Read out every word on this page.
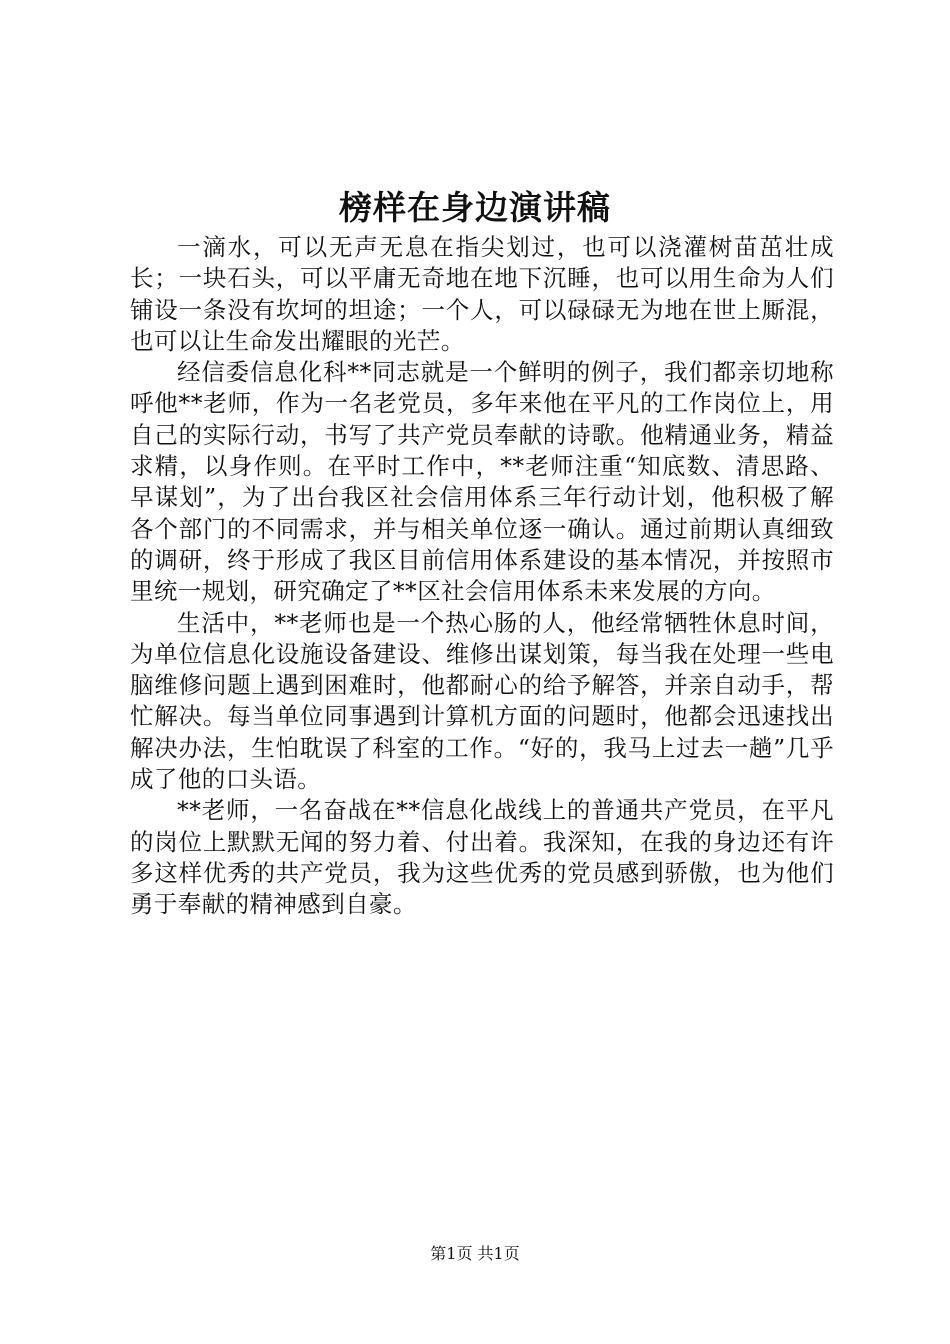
榜样在身边演讲稿

一滴水，可以无声无息在指尖划过，也可以浇灌树苗茁壮成长；一块石头，可以平庸无奇地在地下沉睡，也可以用生命为人们铺设一条没有坎坷的坦途；一个人，可以碌碌无为地在世上厮混，也可以让生命发出耀眼的光芒。

经信委信息化科**同志就是一个鲜明的例子，我们都亲切地称呼他**老师，作为一名老党员，多年来他在平凡的工作岗位上，用自己的实际行动，书写了共产党员奉献的诗歌。他精通业务，精益求精，以身作则。在平时工作中，**老师注重“知底数、清思路、早谋划”，为了出台我区社会信用体系三年行动计划，他积极了解各个部门的不同需求，并与相关单位逐一确认。通过前期认真细致的调研，终于形成了我区目前信用体系建设的基本情况，并按照市里统一规划，研究确定了**区社会信用体系未来发展的方向。

生活中，**老师也是一个热心肠的人，他经常牺牲休息时间，为单位信息化设施设备建设、维修出谋划策，每当我在处理一些电脑维修问题上遇到困难时，他都耐心的给予解答，并亲自动手，帮忙解决。每当单位同事遇到计算机方面的问题时，他都会迅速找出解决办法，生怕耽误了科室的工作。“好的，我马上过去一趟”几乎成了他的口头语。

**老师，一名奋战在**信息化战线上的普通共产党员，在平凡的岗位上默默无闻的努力着、付出着。我深知，在我的身边还有许多这样优秀的共产党员，我为这些优秀的党员感到骄傲，也为他们勇于奉献的精神感到自豪。

第1页 共1页
